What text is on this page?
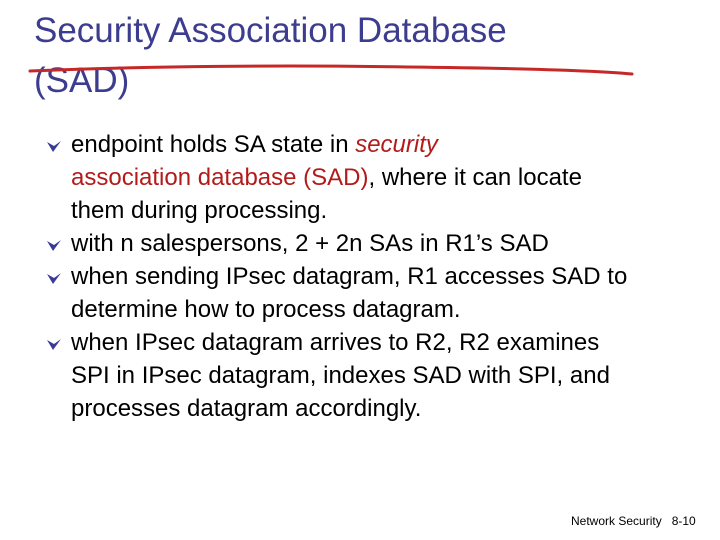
Security Association Database
(SAD)
endpoint holds SA state in security
association database (SAD), where it can locate them during processing.
with n salespersons, 2 + 2n SAs in R1’s SAD
when sending IPsec datagram, R1 accesses SAD to determine how to process datagram.
when IPsec datagram arrives to R2, R2 examines SPI in IPsec datagram, indexes SAD with SPI, and processes datagram accordingly.
Network Security 8-10
